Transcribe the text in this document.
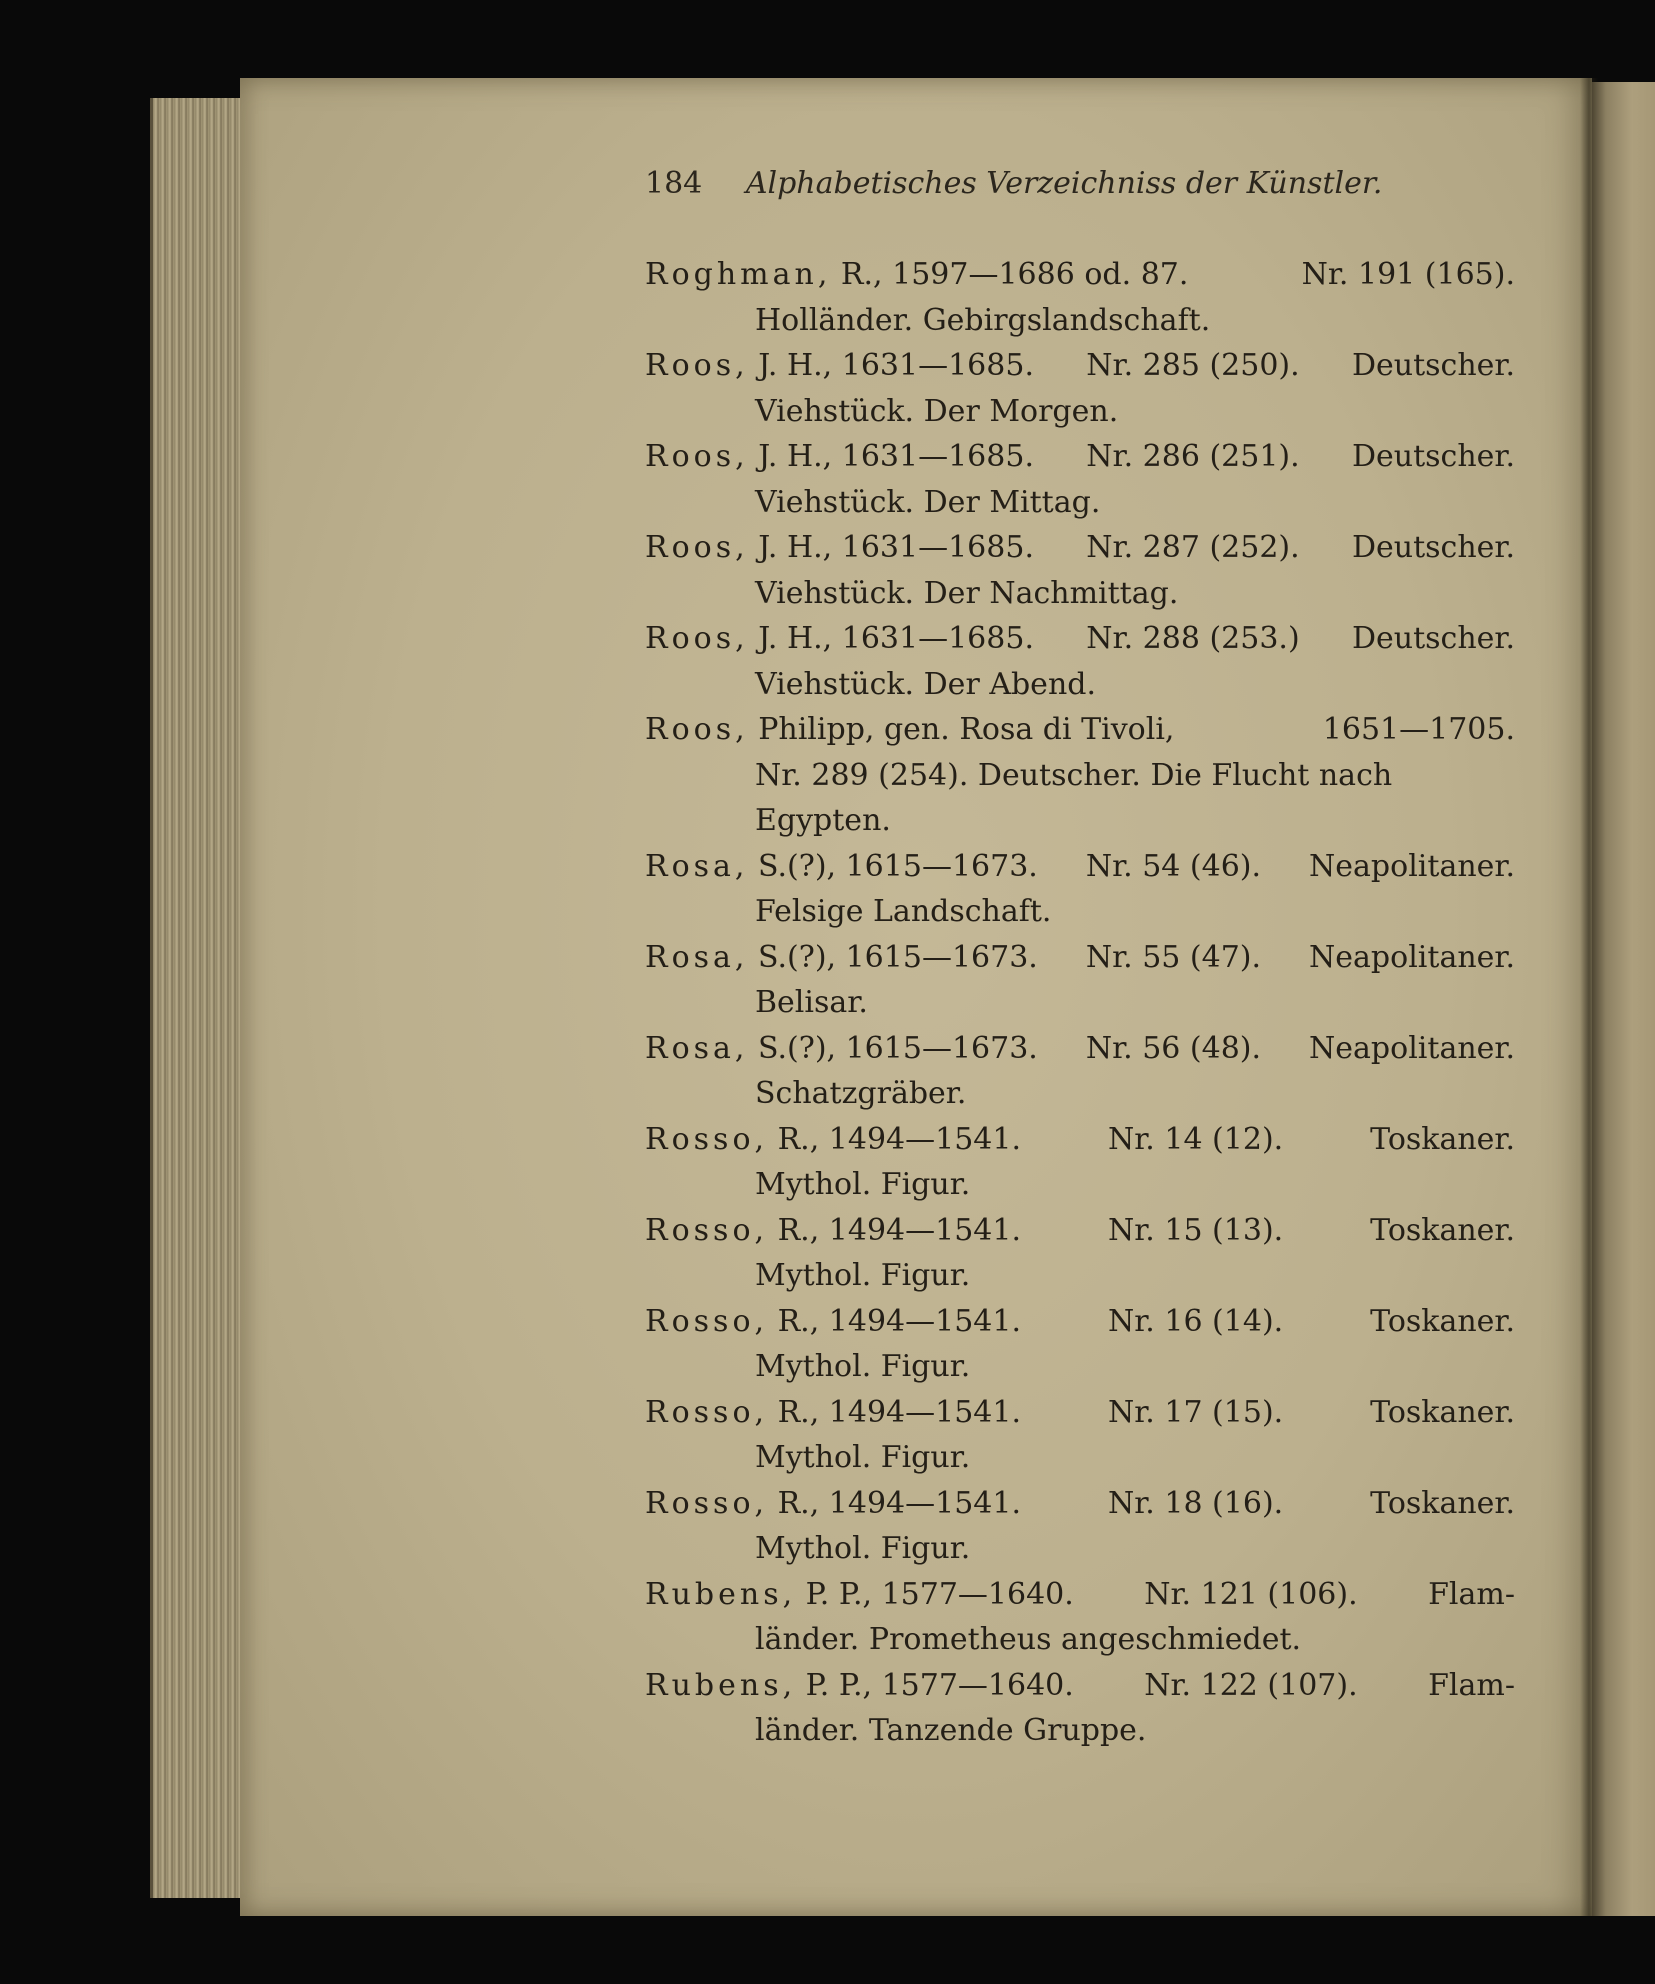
184 Alphabetisches Verzeichniss der Künstler.
Roghman, R., 1597—1686 od. 87.	Nr. 191 (165).
Holländer. Gebirgslandschaft.
Roos, J. H., 1631—1685. Nr. 285 (250). Deutscher.
Viehstück. Der Morgen.
Roos, J. H., 1631—1685. Nr. 286 (251). Deutscher.
Viehstück. Der Mittag.
Roos, J. H., 1631—1685. Nr. 287 (252). Deutscher.
Viehstück. Der Nachmittag.
Roos, J. H., 1631—1685. Nr. 288 (253.) Deutscher.
Viehstück. Der Abend.
Roos, Philipp, gen. Rosa di Tivoli,	1651—1705.
Nr. 289 (254). Deutscher. Die Flucht nach
Egypten.
Rosa, S.(?), 1615—1673. Nr. 54 (46). Neapolitaner.
Felsige Landschaft.
Rosa, S.(?), 1615—1673. Nr. 55 (47). Neapolitaner.
Belisar.
Rosa, S.(?), 1615—1673. Nr. 56 (48). Neapolitaner.
Schatzgräber.
Rosso, R., 1494—1541.	Nr. 14 (12).	Toskaner.
Mythol. Figur.
Rosso, R., 1494—1541.	Nr. 15 (13).	Toskaner.
Mythol. Figur.
Rosso, R., 1494—1541.	Nr. 16 (14).	Toskaner.
Mythol. Figur.
Rosso, R., 1494—1541.	Nr. 17 (15).	Toskaner.
Mythol. Figur.
Rosso, R., 1494—1541.	Nr. 18 (16).	Toskaner.
Mythol. Figur.
Rubens, P. P., 1577—1640. Nr. 121 (106). Flam-
länder. Prometheus angeschmiedet.
Rubens, P. P., 1577—1640. Nr. 122 (107). Flam-
länder. Tanzende Gruppe.
